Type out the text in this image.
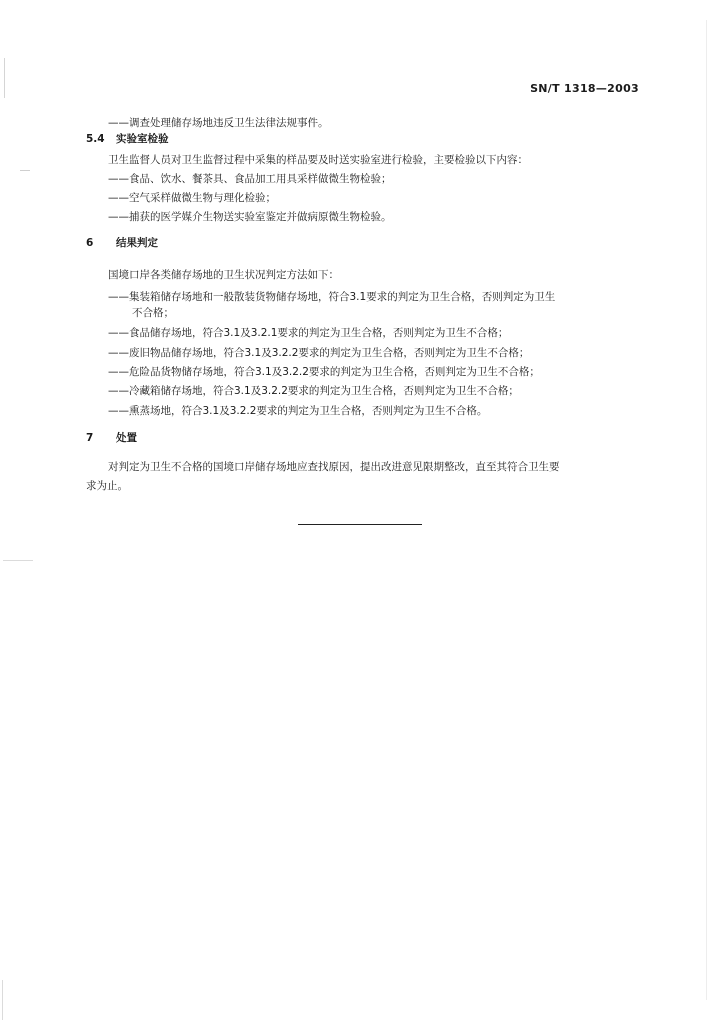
SN/T 1318—2003
——调查处理储存场地违反卫生法律法规事件。
5.4 实验室检验
卫生监督人员对卫生监督过程中采集的样品要及时送实验室进行检验，主要检验以下内容：
——食品、饮水、餐茶具、食品加工用具采样做微生物检验；
——空气采样做微生物与理化检验；
——捕获的医学媒介生物送实验室鉴定并做病原微生物检验。
6 结果判定
国境口岸各类储存场地的卫生状况判定方法如下：
——集装箱储存场地和一般散装货物储存场地，符合3.1要求的判定为卫生合格，否则判定为卫生
不合格；
——食品储存场地，符合3.1及3.2.1要求的判定为卫生合格，否则判定为卫生不合格；
——废旧物品储存场地，符合3.1及3.2.2要求的判定为卫生合格，否则判定为卫生不合格；
——危险品货物储存场地，符合3.1及3.2.2要求的判定为卫生合格，否则判定为卫生不合格；
——冷藏箱储存场地，符合3.1及3.2.2要求的判定为卫生合格，否则判定为卫生不合格；
——熏蒸场地，符合3.1及3.2.2要求的判定为卫生合格，否则判定为卫生不合格。
7 处置
对判定为卫生不合格的国境口岸储存场地应查找原因，提出改进意见限期整改，直至其符合卫生要
求为止。
